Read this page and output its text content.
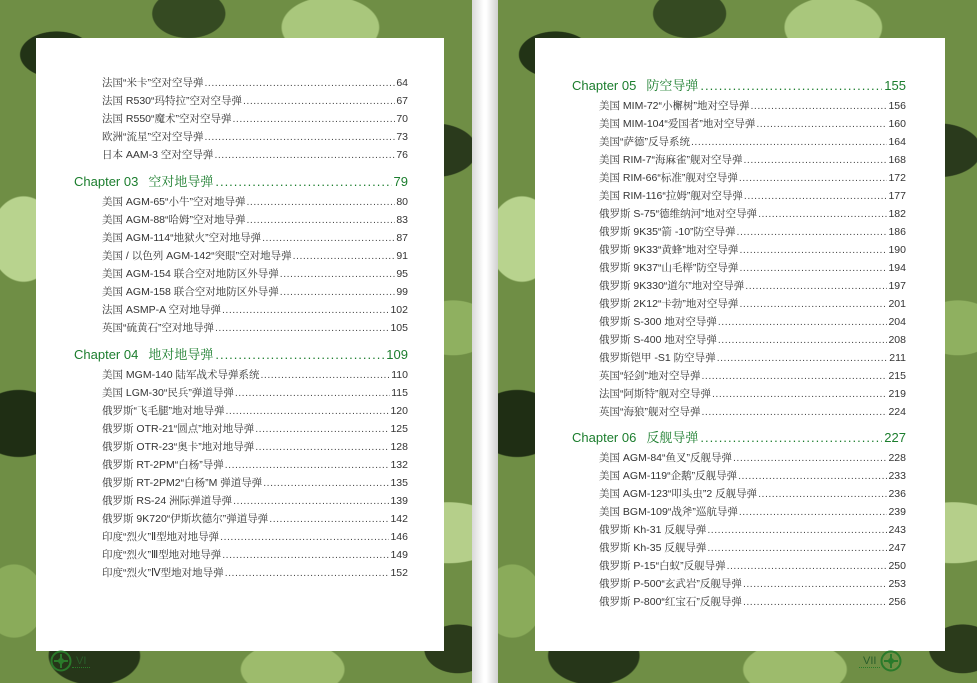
法国“米卡”空对空导弹 .....	64
法国 R530“玛特拉”空对空导弹 .....	67
法国 R550“魔术”空对空导弹 .....	70
欧洲“流星”空对空导弹 .....	73
日本 AAM-3 空对空导弹 .....	76
Chapter 03 空对地导弹 .....	79
美国 AGM-65“小牛”空对地导弹 .....	80
美国 AGM-88“哈姆”空对地导弹 .....	83
美国 AGM-114“地狱火”空对地导弹 .....	87
美国 / 以色列 AGM-142“突眼”空对地导弹 .....	91
美国 AGM-154 联合空对地防区外导弹 .....	95
美国 AGM-158 联合空对地防区外导弹 .....	99
法国 ASMP-A 空对地导弹 .....	102
英国“硫黄石”空对地导弹 .....	105
Chapter 04 地对地导弹 .....	109
美国 MGM-140 陆军战术导弹系统 .....	110
美国 LGM-30“民兵”弹道导弹 .....	115
俄罗斯“飞毛腿”地对地导弹 .....	120
俄罗斯 OTR-21“圆点”地对地导弹 .....	125
俄罗斯 OTR-23“奥卡”地对地导弹 .....	128
俄罗斯 RT-2PM“白杨”导弹 .....	132
俄罗斯 RT-2PM2“白杨”M 弹道导弹 .....	135
俄罗斯 RS-24 洲际弹道导弹 .....	139
俄罗斯 9K720“伊斯坎德尔”弹道导弹 .....	142
印度“烈火”Ⅱ型地对地导弹 .....	146
印度“烈火”Ⅲ型地对地导弹 .....	149
印度“烈火”Ⅳ型地对地导弹 .....	152
VI
Chapter 05 防空导弹 .....	155
美国 MIM-72“小檞树”地对空导弹 .....	156
美国 MIM-104“爱国者”地对空导弹 .....	160
美国“萨德”反导系统 .....	164
美国 RIM-7“海麻雀”舰对空导弹 .....	168
美国 RIM-66“标准”舰对空导弹 .....	172
美国 RIM-116“拉姆”舰对空导弹 .....	177
俄罗斯 S-75“德维纳河”地对空导弹 .....	182
俄罗斯 9K35“箭 -10”防空导弹 .....	186
俄罗斯 9K33“黄蜂”地对空导弹 .....	190
俄罗斯 9K37“山毛榉”防空导弹 .....	194
俄罗斯 9K330“道尔”地对空导弹 .....	197
俄罗斯 2K12“卡勃”地对空导弹 .....	201
俄罗斯 S-300 地对空导弹 .....	204
俄罗斯 S-400 地对空导弹 .....	208
俄罗斯铠甲 -S1 防空导弹 .....	211
英国“轻剑”地对空导弹 .....	215
法国“阿斯特”舰对空导弹 .....	219
英国“海狼”舰对空导弹 .....	224
Chapter 06 反舰导弹 .....	227
美国 AGM-84“鱼叉”反舰导弹 .....	228
美国 AGM-119“企鹅”反舰导弹 .....	233
美国 AGM-123“叩头虫”2 反舰导弹 .....	236
美国 BGM-109“战斧”巡航导弹 .....	239
俄罗斯 Kh-31 反舰导弹 .....	243
俄罗斯 Kh-35 反舰导弹 .....	247
俄罗斯 P-15“白蚁”反舰导弹 .....	250
俄罗斯 P-500“玄武岩”反舰导弹 .....	253
俄罗斯 P-800“红宝石”反舰导弹 .....	256
VII
